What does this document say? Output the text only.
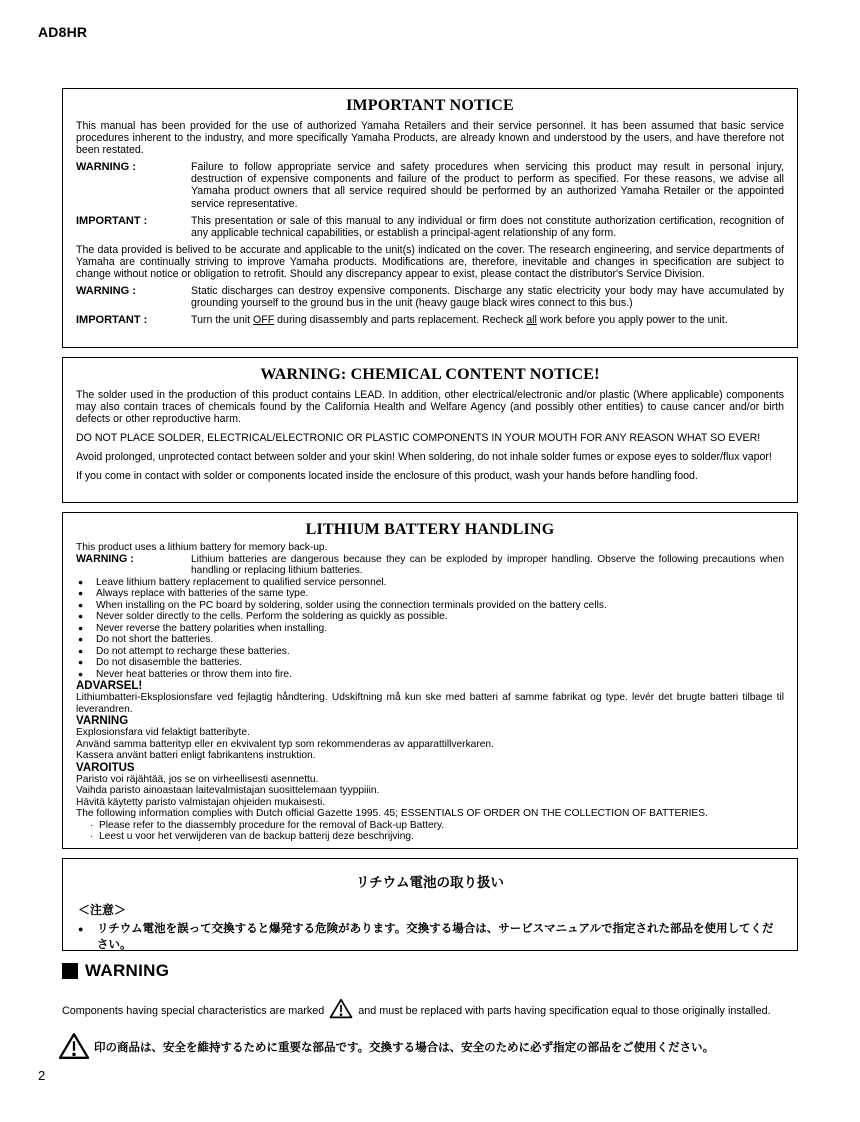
AD8HR
IMPORTANT NOTICE

This manual has been provided for the use of authorized Yamaha Retailers and their service personnel. It has been assumed that basic service procedures inherent to the industry, and more specifically Yamaha Products, are already known and understood by the users, and have therefore not been restated.

WARNING :	Failure to follow appropriate service and safety procedures when servicing this product may result in personal injury, destruction of expensive components and failure of the product to perform as specified. For these reasons, we advise all Yamaha product owners that all service required should be performed by an authorized Yamaha Retailer or the appointed service representative.
IMPORTANT :	This presentation or sale of this manual to any individual or firm does not constitute authorization certification, recognition of any applicable technical capabilities, or establish a principal-agent relationship of any form.

The data provided is belived to be accurate and applicable to the unit(s) indicated on the cover. The research engineering, and service departments of Yamaha are continually striving to improve Yamaha products. Modifications are, therefore, inevitable and changes in specification are subject to change without notice or obligation to retrofit. Should any discrepancy appear to exist, please contact the distributor's Service Division.

WARNING :	Static discharges can destroy expensive components. Discharge any static electricity your body may have accumulated by grounding yourself to the ground bus in the unit (heavy gauge black wires connect to this bus.)
IMPORTANT :	Turn the unit OFF during disassembly and parts replacement. Recheck all work before you apply power to the unit.
WARNING: CHEMICAL CONTENT NOTICE!

The solder used in the production of this product contains LEAD. In addition, other electrical/electronic and/or plastic (Where applicable) components may also contain traces of chemicals found by the California Health and Welfare Agency (and possibly other entities) to cause cancer and/or birth defects or other reproductive harm.

DO NOT PLACE SOLDER, ELECTRICAL/ELECTRONIC OR PLASTIC COMPONENTS IN YOUR MOUTH FOR ANY REASON WHAT SO EVER!

Avoid prolonged, unprotected contact between solder and your skin! When soldering, do not inhale solder fumes or expose eyes to solder/flux vapor!

If you come in contact with solder or components located inside the enclosure of this product, wash your hands before handling food.

LITHIUM BATTERY HANDLING

This product uses a lithium battery for memory back-up.

WARNING :	Lithium batteries are dangerous because they can be exploded by improper handling. Observe the following precautions when handling or replacing lithium batteries.
●	Leave lithium battery replacement to qualified service personnel.
●	Always replace with batteries of the same type.
●	When installing on the PC board by soldering, solder using the connection terminals provided on the battery cells.
●	Never solder directly to the cells. Perform the soldering as quickly as possible.
●	Never reverse the battery polarities when installing.
●	Do not short the batteries.
●	Do not attempt to recharge these batteries.
●	Do not disasemble the batteries.
●	Never heat batteries or throw them into fire.
ADVARSEL!

Lithiumbatteri-Eksplosionsfare ved fejlagtig håndtering. Udskiftning må kun ske med batteri af samme fabrikat og type. levér det brugte batteri tilbage til leverandren.

VARNING

Explosionsfara vid felaktigt batteribyte.

Använd samma batterityp eller en ekvivalent typ som rekommenderas av apparattillverkaren.

Kassera använt batteri enligt fabrikantens instruktion.

VAROITUS

Paristo voi räjähtää, jos se on virheellisesti asennettu.

Vaihda paristo ainoastaan laitevalmistajan suosittelemaan tyyppiiin.

Hävitä käytetty paristo valmistajan ohjeiden mukaisesti.

The following information complies with Dutch official Gazette 1995. 45; ESSENTIALS OF ORDER ON THE COLLECTION OF BATTERIES.

· Please refer to the diassembly procedure for the removal of Back-up Battery.
· Leest u voor het verwijderen van de backup batterij deze beschrijving.
リチウム電池の取り扱い
＜注意＞
●	リチウム電池を誤って交換すると爆発する危険があります。交換する場合は、サービスマニュアルで指定された部品を使用してください。
WARNING
Components having special characteristics are marked	and must be replaced with parts having specification equal to those originally installed.
印の商品は、安全を維持するために重要な部品です。交換する場合は、安全のために必ず指定の部品をご使用ください。
2
